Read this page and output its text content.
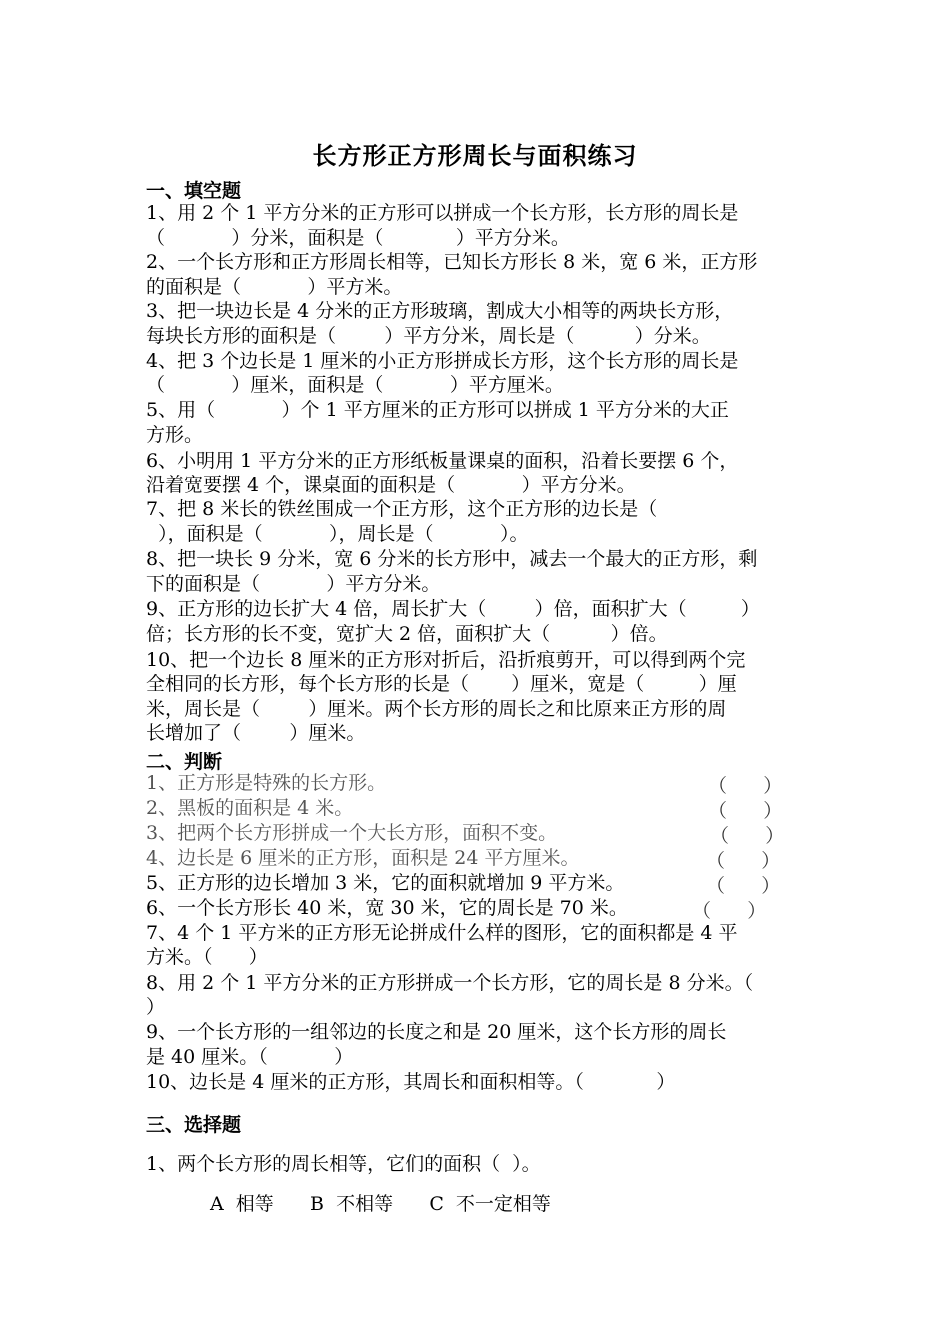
长方形正方形周长与面积练习
一、填空题
1、用 2 个 1 平方分米的正方形可以拼成一个长方形，长方形的周长是
（           ）分米，面积是（            ）平方分米。
2、一个长方形和正方形周长相等，已知长方形长 8 米，宽 6 米，正方形
的面积是（           ）平方米。
3、把一块边长是 4 分米的正方形玻璃，割成大小相等的两块长方形，
每块长方形的面积是（        ）平方分米，周长是（          ）分米。
4、把 3 个边长是 1 厘米的小正方形拼成长方形，这个长方形的周长是
（           ）厘米，面积是（           ）平方厘米。
5、用（           ）个 1 平方厘米的正方形可以拼成 1 平方分米的大正
方形。
6、小明用 1 平方分米的正方形纸板量课桌的面积，沿着长要摆 6 个，
沿着宽要摆 4 个，课桌面的面积是（           ）平方分米。
7、把 8 米长的铁丝围成一个正方形，这个正方形的边长是（
），面积是（           ），周长是（           ）。
8、把一块长 9 分米，宽 6 分米的长方形中，减去一个最大的正方形，剩
下的面积是（           ）平方分米。
9、正方形的边长扩大 4 倍，周长扩大（        ）倍，面积扩大（         ）
倍；长方形的长不变，宽扩大 2 倍，面积扩大（          ）倍。
10、把一个边长 8 厘米的正方形对折后，沿折痕剪开，可以得到两个完
全相同的长方形，每个长方形的长是（       ）厘米，宽是（         ）厘
米，周长是（        ）厘米。两个长方形的周长之和比原来正方形的周
长增加了（        ）厘米。
二、判断
1、正方形是特殊的长方形。	（      ）
2、黑板的面积是 4 米。	（      ）
3、把两个长方形拼成一个大长方形，面积不变。	（      ）
4、边长是 6 厘米的正方形，面积是 24 平方厘米。	（      ）
5、正方形的边长增加 3 米，它的面积就增加 9 平方米。	（      ）
6、一个长方形长 40 米，宽 30 米，它的周长是 70 米。	（      ）
7、4 个 1 平方米的正方形无论拼成什么样的图形，它的面积都是 4 平
方米。（      ）
8、用 2 个 1 平方分米的正方形拼成一个长方形，它的周长是 8 分米。（
）
9、一个长方形的一组邻边的长度之和是 20 厘米，这个长方形的周长
是 40 厘米。（           ）
10、边长是 4 厘米的正方形，其周长和面积相等。（            ）
三、选择题
1、两个长方形的周长相等，它们的面积（  ）。
A  相等      B  不相等      C  不一定相等
